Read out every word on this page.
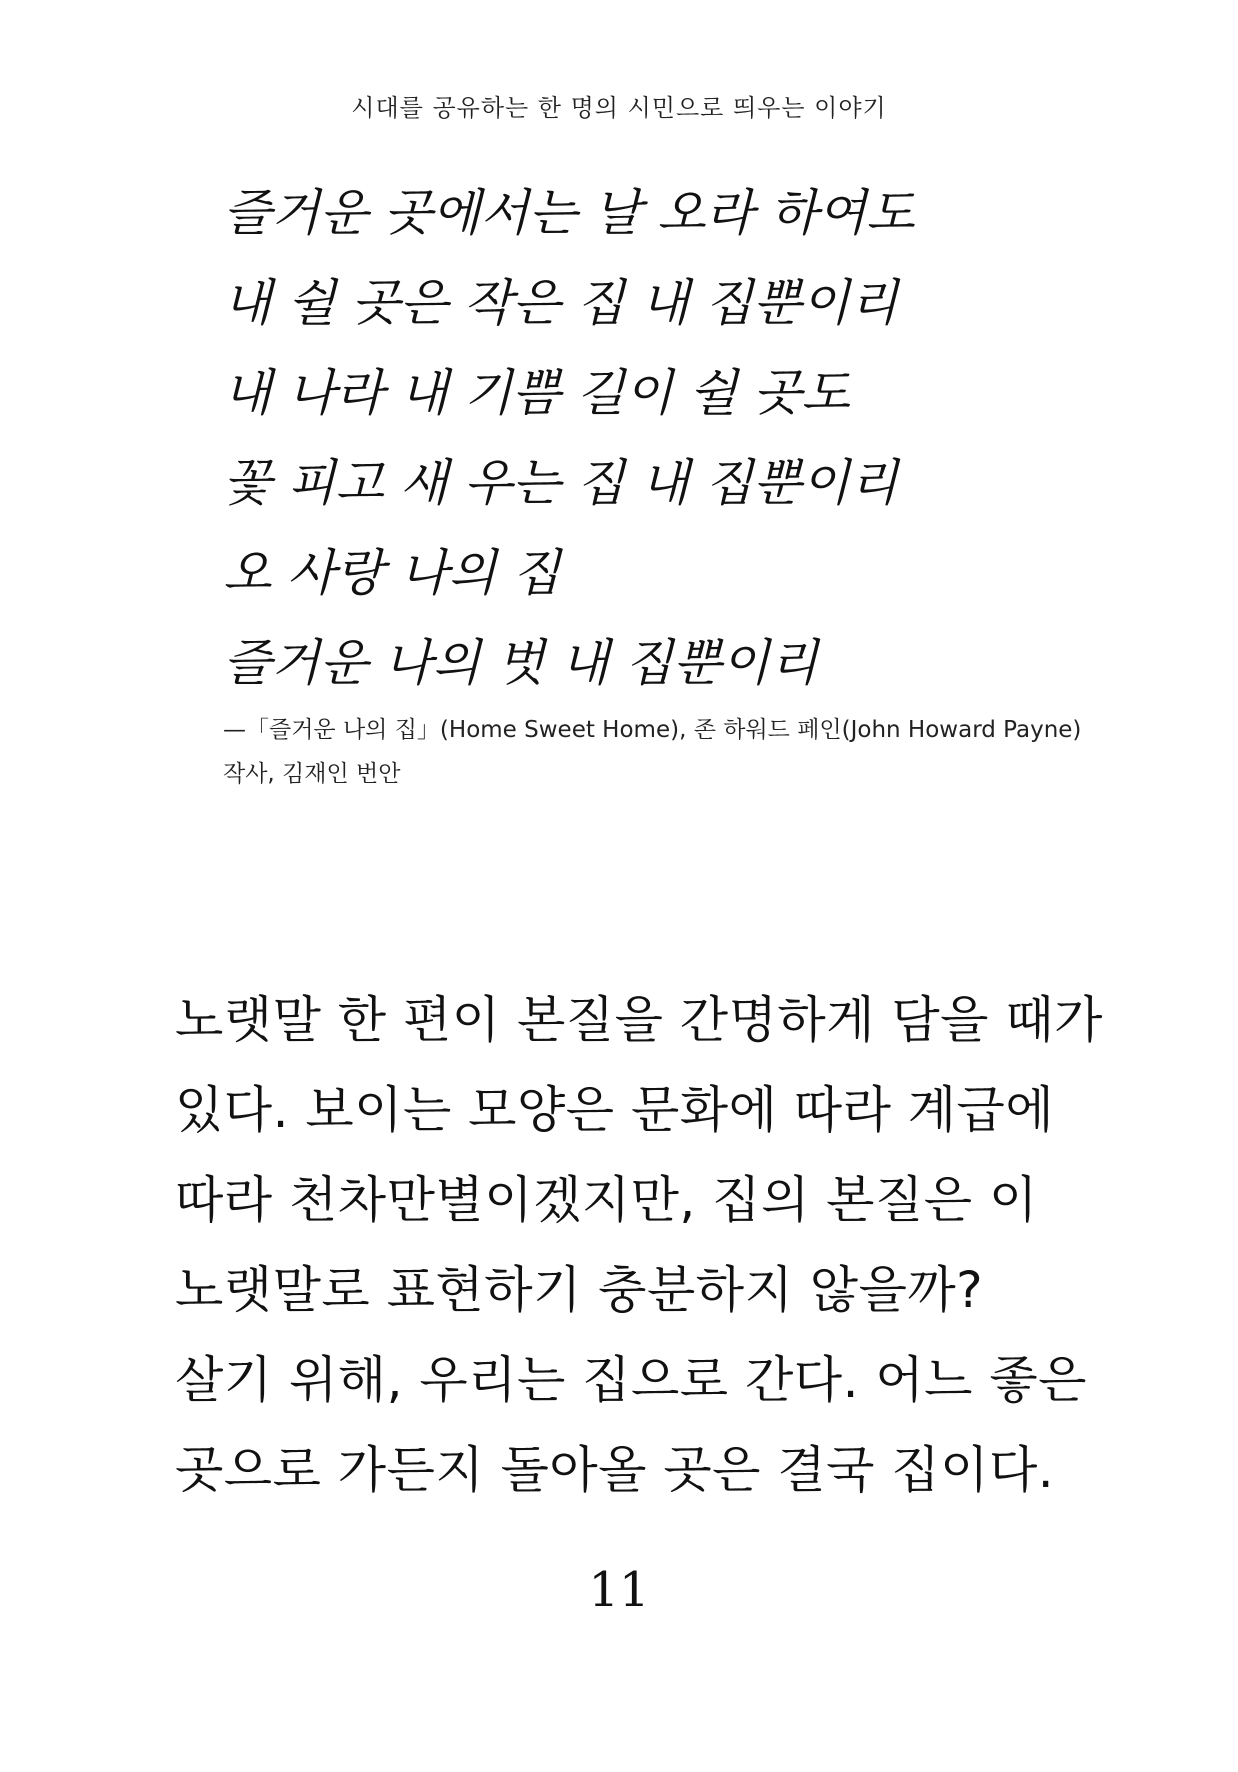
시대를 공유하는 한 명의 시민으로 띄우는 이야기
즐거운 곳에서는 날 오라 하여도
내 쉴 곳은 작은 집 내 집뿐이리
내 나라 내 기쁨 길이 쉴 곳도
꽃 피고 새 우는 집 내 집뿐이리
오 사랑 나의 집
즐거운 나의 벗 내 집뿐이리
—「즐거운 나의 집」(Home Sweet Home), 존 하워드 페인(John Howard Payne)
작사, 김재인 번안
노랫말 한 편이 본질을 간명하게 담을 때가
있다. 보이는 모양은 문화에 따라 계급에
따라 천차만별이겠지만, 집의 본질은 이
노랫말로 표현하기 충분하지 않을까?
살기 위해, 우리는 집으로 간다. 어느 좋은
곳으로 가든지 돌아올 곳은 결국 집이다.
11
